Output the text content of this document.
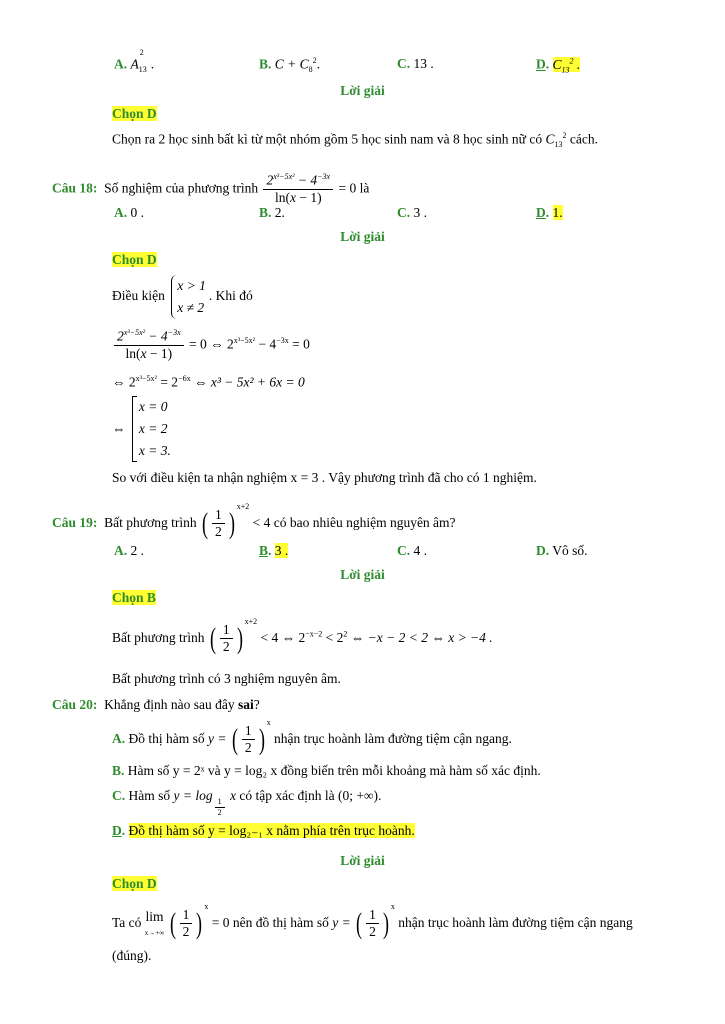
A. $A_{13}^2$.	B. $C + C_8^2$.	C. 13 .	D. $C_{13}^2$ .
Lời giải
Chọn D
Chọn ra 2 học sinh bất kì từ một nhóm gồm 5 học sinh nam và 8 học sinh nữ có $C_{13}^2$ cách.
Câu 18: Số nghiệm của phương trình $\frac{2^{x^3-5x^2} - 4^{-3x}}{\ln(x - 1)} = 0$ là
A. 0 .	B. 2.	C. 3 .	D. 1.
Lời giải
Chọn D
Điều kiện x > 1
x ≠ 2. Khi đó
$\frac{2^{x^3-5x^2} - 4^{-3x}}{\ln(x - 1)} = 0$ ⇔ $2^{x^3-5x^2} - 4^{-3x} = 0$
⇔ $2^{x^3-5x^2} = 2^{-6x}$ ⇔ x³ − 5x² + 6x = 0
⇔ x = 0
x = 2
x = 3.
So với điều kiện ta nhận nghiệm x = 3 . Vậy phương trình đã cho có 1 nghiệm.
Câu 19: Bất phương trình ( $\frac{1}{2} )^{x+2} < 4$ có bao nhiêu nghiệm nguyên âm?
A. 2 .	B. 3 .	C. 4 .	D. Vô số.
Lời giải
Chọn B
Bất phương trình ( $\frac{1}{2} )^{x+2} < 4$ ⇔ $2^{-x-2} < 2^2$ ⇔ −x − 2 < 2 ⇔ x > −4 .
Bất phương trình có 3 nghiệm nguyên âm.
Câu 20: Khẳng định nào sau đây sai?
A. Đồ thị hàm số y = ( $\frac{1}{2} )^x$ nhận trục hoành làm đường tiệm cận ngang.
B. Hàm số y = 2ˣ và y = log₂ x đồng biến trên mỗi khoảng mà hàm số xác định.
C. Hàm số y = log
$_{\frac{1}{2}}$
x có tập xác định là (0; +∞).
D. Đồ thị hàm số y = log₂₋₁ x nằm phía trên trục hoành.
Lời giải
Chọn D
Ta có lim
x→+∞ ( $\frac{1}{2} )^x = 0$ nên đồ thị hàm số y = ( $\frac{1}{2} )^x$ nhận trục hoành làm đường tiệm cận ngang
(đúng).
